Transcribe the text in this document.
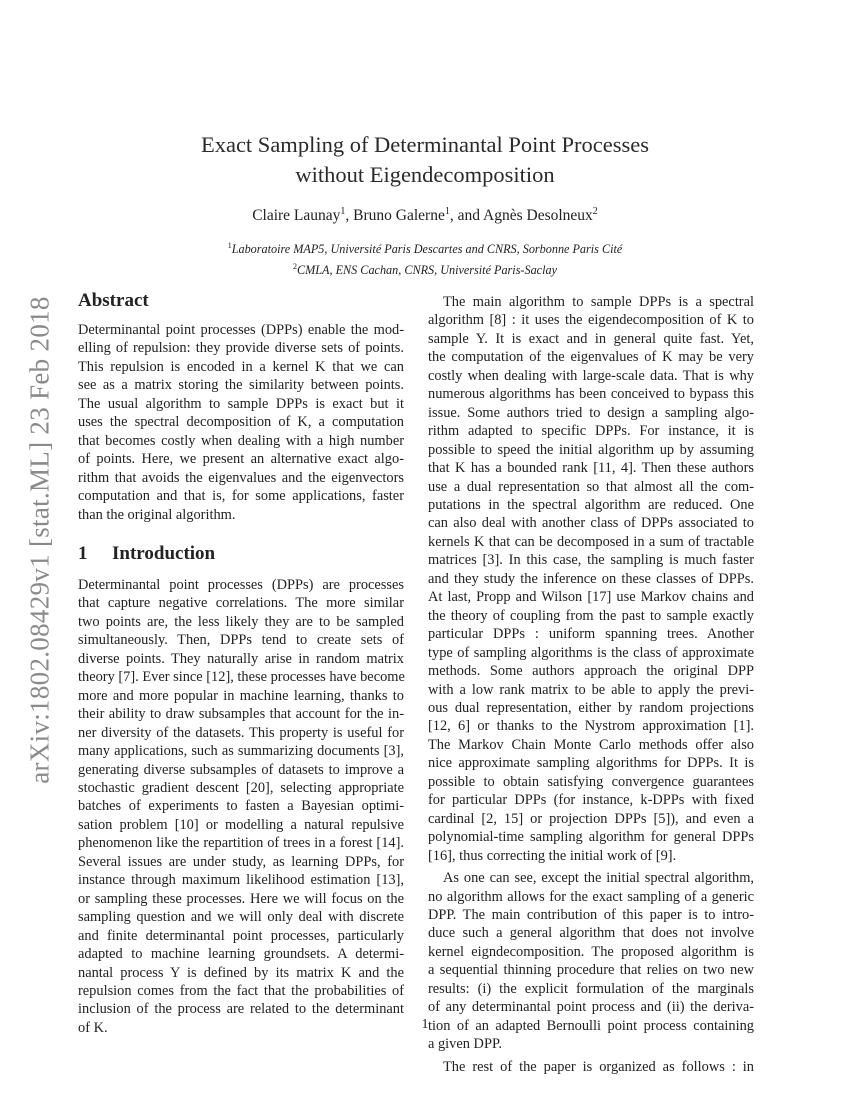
arXiv:1802.08429v1 [stat.ML] 23 Feb 2018
Exact Sampling of Determinantal Point Processes
without Eigendecomposition
Claire Launay$^1$, Bruno Galerne$^1$, and Agnès Desolneux$^2$
$^1$Laboratoire MAP5, Université Paris Descartes and CNRS, Sorbonne Paris Cité
$^2$CMLA, ENS Cachan, CNRS, Université Paris-Saclay
Abstract
Determinantal point processes (DPPs) enable the mod-
elling of repulsion: they provide diverse sets of points.
This repulsion is encoded in a kernel K that we can
see as a matrix storing the similarity between points.
The usual algorithm to sample DPPs is exact but it
uses the spectral decomposition of K, a computation
that becomes costly when dealing with a high number
of points. Here, we present an alternative exact algo-
rithm that avoids the eigenvalues and the eigenvectors
computation and that is, for some applications, faster
than the original algorithm.
1 Introduction
Determinantal point processes (DPPs) are processes
that capture negative correlations. The more similar
two points are, the less likely they are to be sampled
simultaneously. Then, DPPs tend to create sets of
diverse points. They naturally arise in random matrix
theory [7]. Ever since [12], these processes have become
more and more popular in machine learning, thanks to
their ability to draw subsamples that account for the in-
ner diversity of the datasets. This property is useful for
many applications, such as summarizing documents [3],
generating diverse subsamples of datasets to improve a
stochastic gradient descent [20], selecting appropriate
batches of experiments to fasten a Bayesian optimi-
sation problem [10] or modelling a natural repulsive
phenomenon like the repartition of trees in a forest [14].
Several issues are under study, as learning DPPs, for
instance through maximum likelihood estimation [13],
or sampling these processes. Here we will focus on the
sampling question and we will only deal with discrete
and finite determinantal point processes, particularly
adapted to machine learning groundsets. A determi-
nantal process Y is defined by its matrix K and the
repulsion comes from the fact that the probabilities of
inclusion of the process are related to the determinant
of K.
The main algorithm to sample DPPs is a spectral
algorithm [8] : it uses the eigendecomposition of K to
sample Y. It is exact and in general quite fast. Yet,
the computation of the eigenvalues of K may be very
costly when dealing with large-scale data. That is why
numerous algorithms has been conceived to bypass this
issue. Some authors tried to design a sampling algo-
rithm adapted to specific DPPs. For instance, it is
possible to speed the initial algorithm up by assuming
that K has a bounded rank [11, 4]. Then these authors
use a dual representation so that almost all the com-
putations in the spectral algorithm are reduced. One
can also deal with another class of DPPs associated to
kernels K that can be decomposed in a sum of tractable
matrices [3]. In this case, the sampling is much faster
and they study the inference on these classes of DPPs.
At last, Propp and Wilson [17] use Markov chains and
the theory of coupling from the past to sample exactly
particular DPPs : uniform spanning trees. Another
type of sampling algorithms is the class of approximate
methods. Some authors approach the original DPP
with a low rank matrix to be able to apply the previ-
ous dual representation, either by random projections
[12, 6] or thanks to the Nystrom approximation [1].
The Markov Chain Monte Carlo methods offer also
nice approximate sampling algorithms for DPPs. It is
possible to obtain satisfying convergence guarantees
for particular DPPs (for instance, k-DPPs with fixed
cardinal [2, 15] or projection DPPs [5]), and even a
polynomial-time sampling algorithm for general DPPs
[16], thus correcting the initial work of [9].
As one can see, except the initial spectral algorithm,
no algorithm allows for the exact sampling of a generic
DPP. The main contribution of this paper is to intro-
duce such a general algorithm that does not involve
kernel eigndecomposition. The proposed algorithm is
a sequential thinning procedure that relies on two new
results: (i) the explicit formulation of the marginals
of any determinantal point process and (ii) the deriva-
tion of an adapted Bernoulli point process containing
a given DPP.
The rest of the paper is organized as follows : in
1
